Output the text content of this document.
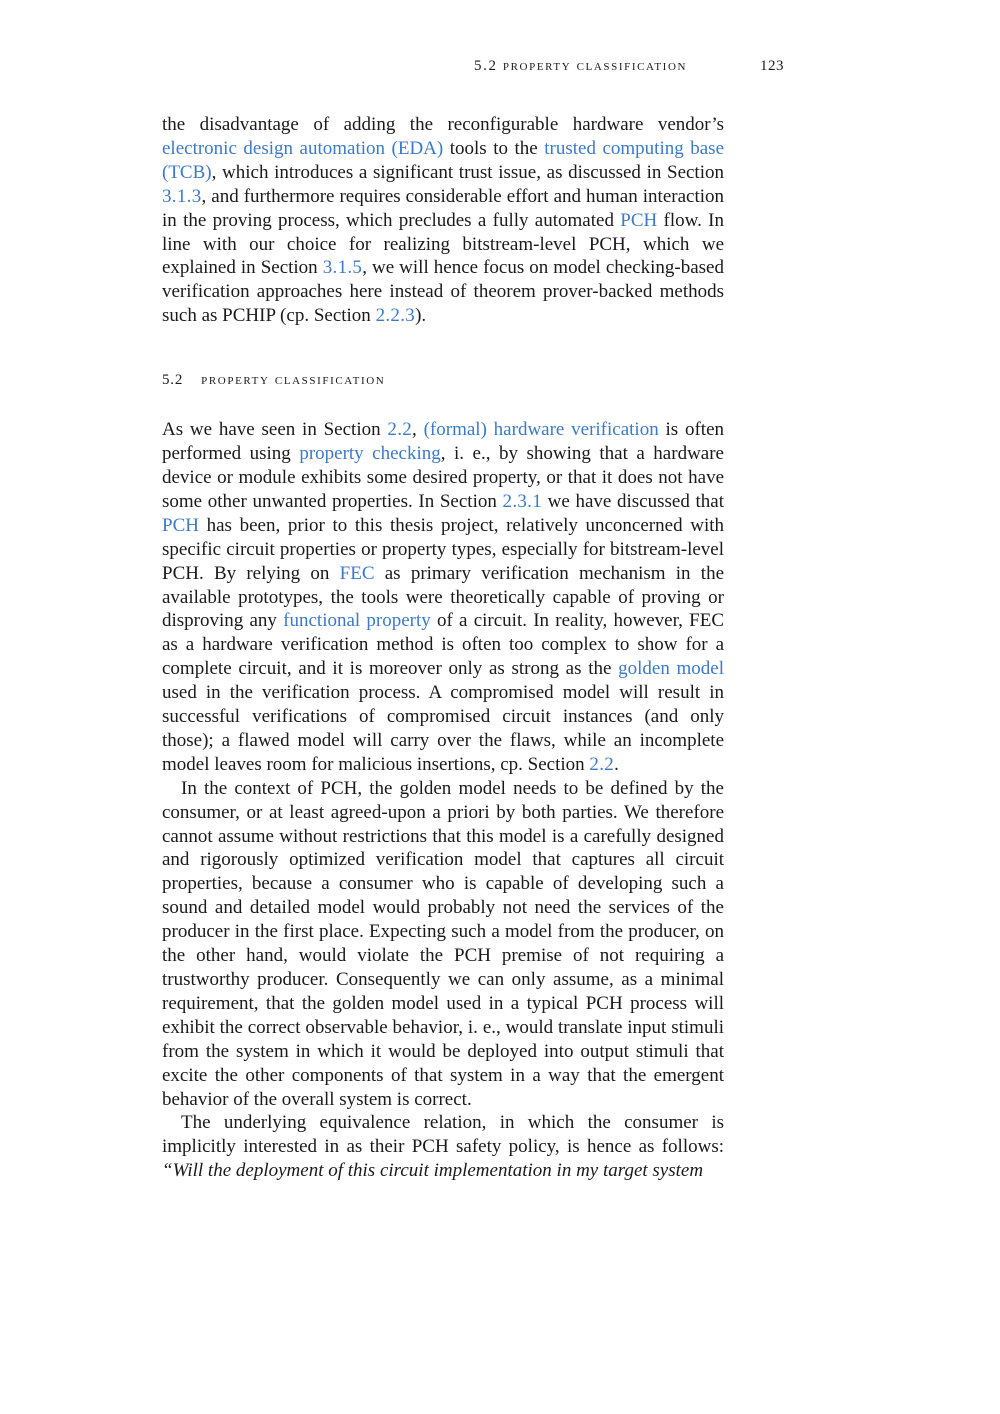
5.2 property classification	123

the disadvantage of adding the reconfigurable hardware vendor’s electronic design automation (EDA) tools to the trusted computing base (TCB), which introduces a significant trust issue, as discussed in Section 3.1.3, and furthermore requires considerable effort and human interaction in the proving process, which precludes a fully automated PCH flow. In line with our choice for realizing bitstream-level PCH, which we explained in Section 3.1.5, we will hence focus on model checking-based verification approaches here instead of theorem prover-backed methods such as PCHIP (cp. Section 2.2.3).

5.2 property classification

As we have seen in Section 2.2, (formal) hardware verification is often performed using property checking, i. e., by showing that a hardware device or module exhibits some desired property, or that it does not have some other unwanted properties. In Section 2.3.1 we have discussed that PCH has been, prior to this thesis project, relatively unconcerned with specific circuit properties or property types, especially for bitstream-level PCH. By relying on FEC as primary verification mechanism in the available prototypes, the tools were theoretically capable of proving or disproving any functional property of a circuit. In reality, however, FEC as a hardware verification method is often too complex to show for a complete circuit, and it is moreover only as strong as the golden model used in the verification process. A compromised model will result in successful verifications of compromised circuit instances (and only those); a flawed model will carry over the flaws, while an incomplete model leaves room for malicious insertions, cp. Section 2.2.

In the context of PCH, the golden model needs to be defined by the consumer, or at least agreed-upon a priori by both parties. We therefore cannot assume without restrictions that this model is a carefully designed and rigorously optimized verification model that captures all circuit properties, because a consumer who is capable of developing such a sound and detailed model would probably not need the services of the producer in the first place. Expecting such a model from the producer, on the other hand, would violate the PCH premise of not requiring a trustworthy producer. Consequently we can only assume, as a minimal requirement, that the golden model used in a typical PCH process will exhibit the correct observable behavior, i. e., would translate input stimuli from the system in which it would be deployed into output stimuli that excite the other components of that system in a way that the emergent behavior of the overall system is correct.

The underlying equivalence relation, in which the consumer is implicitly interested in as their PCH safety policy, is hence as follows: “Will the deployment of this circuit implementation in my target system
